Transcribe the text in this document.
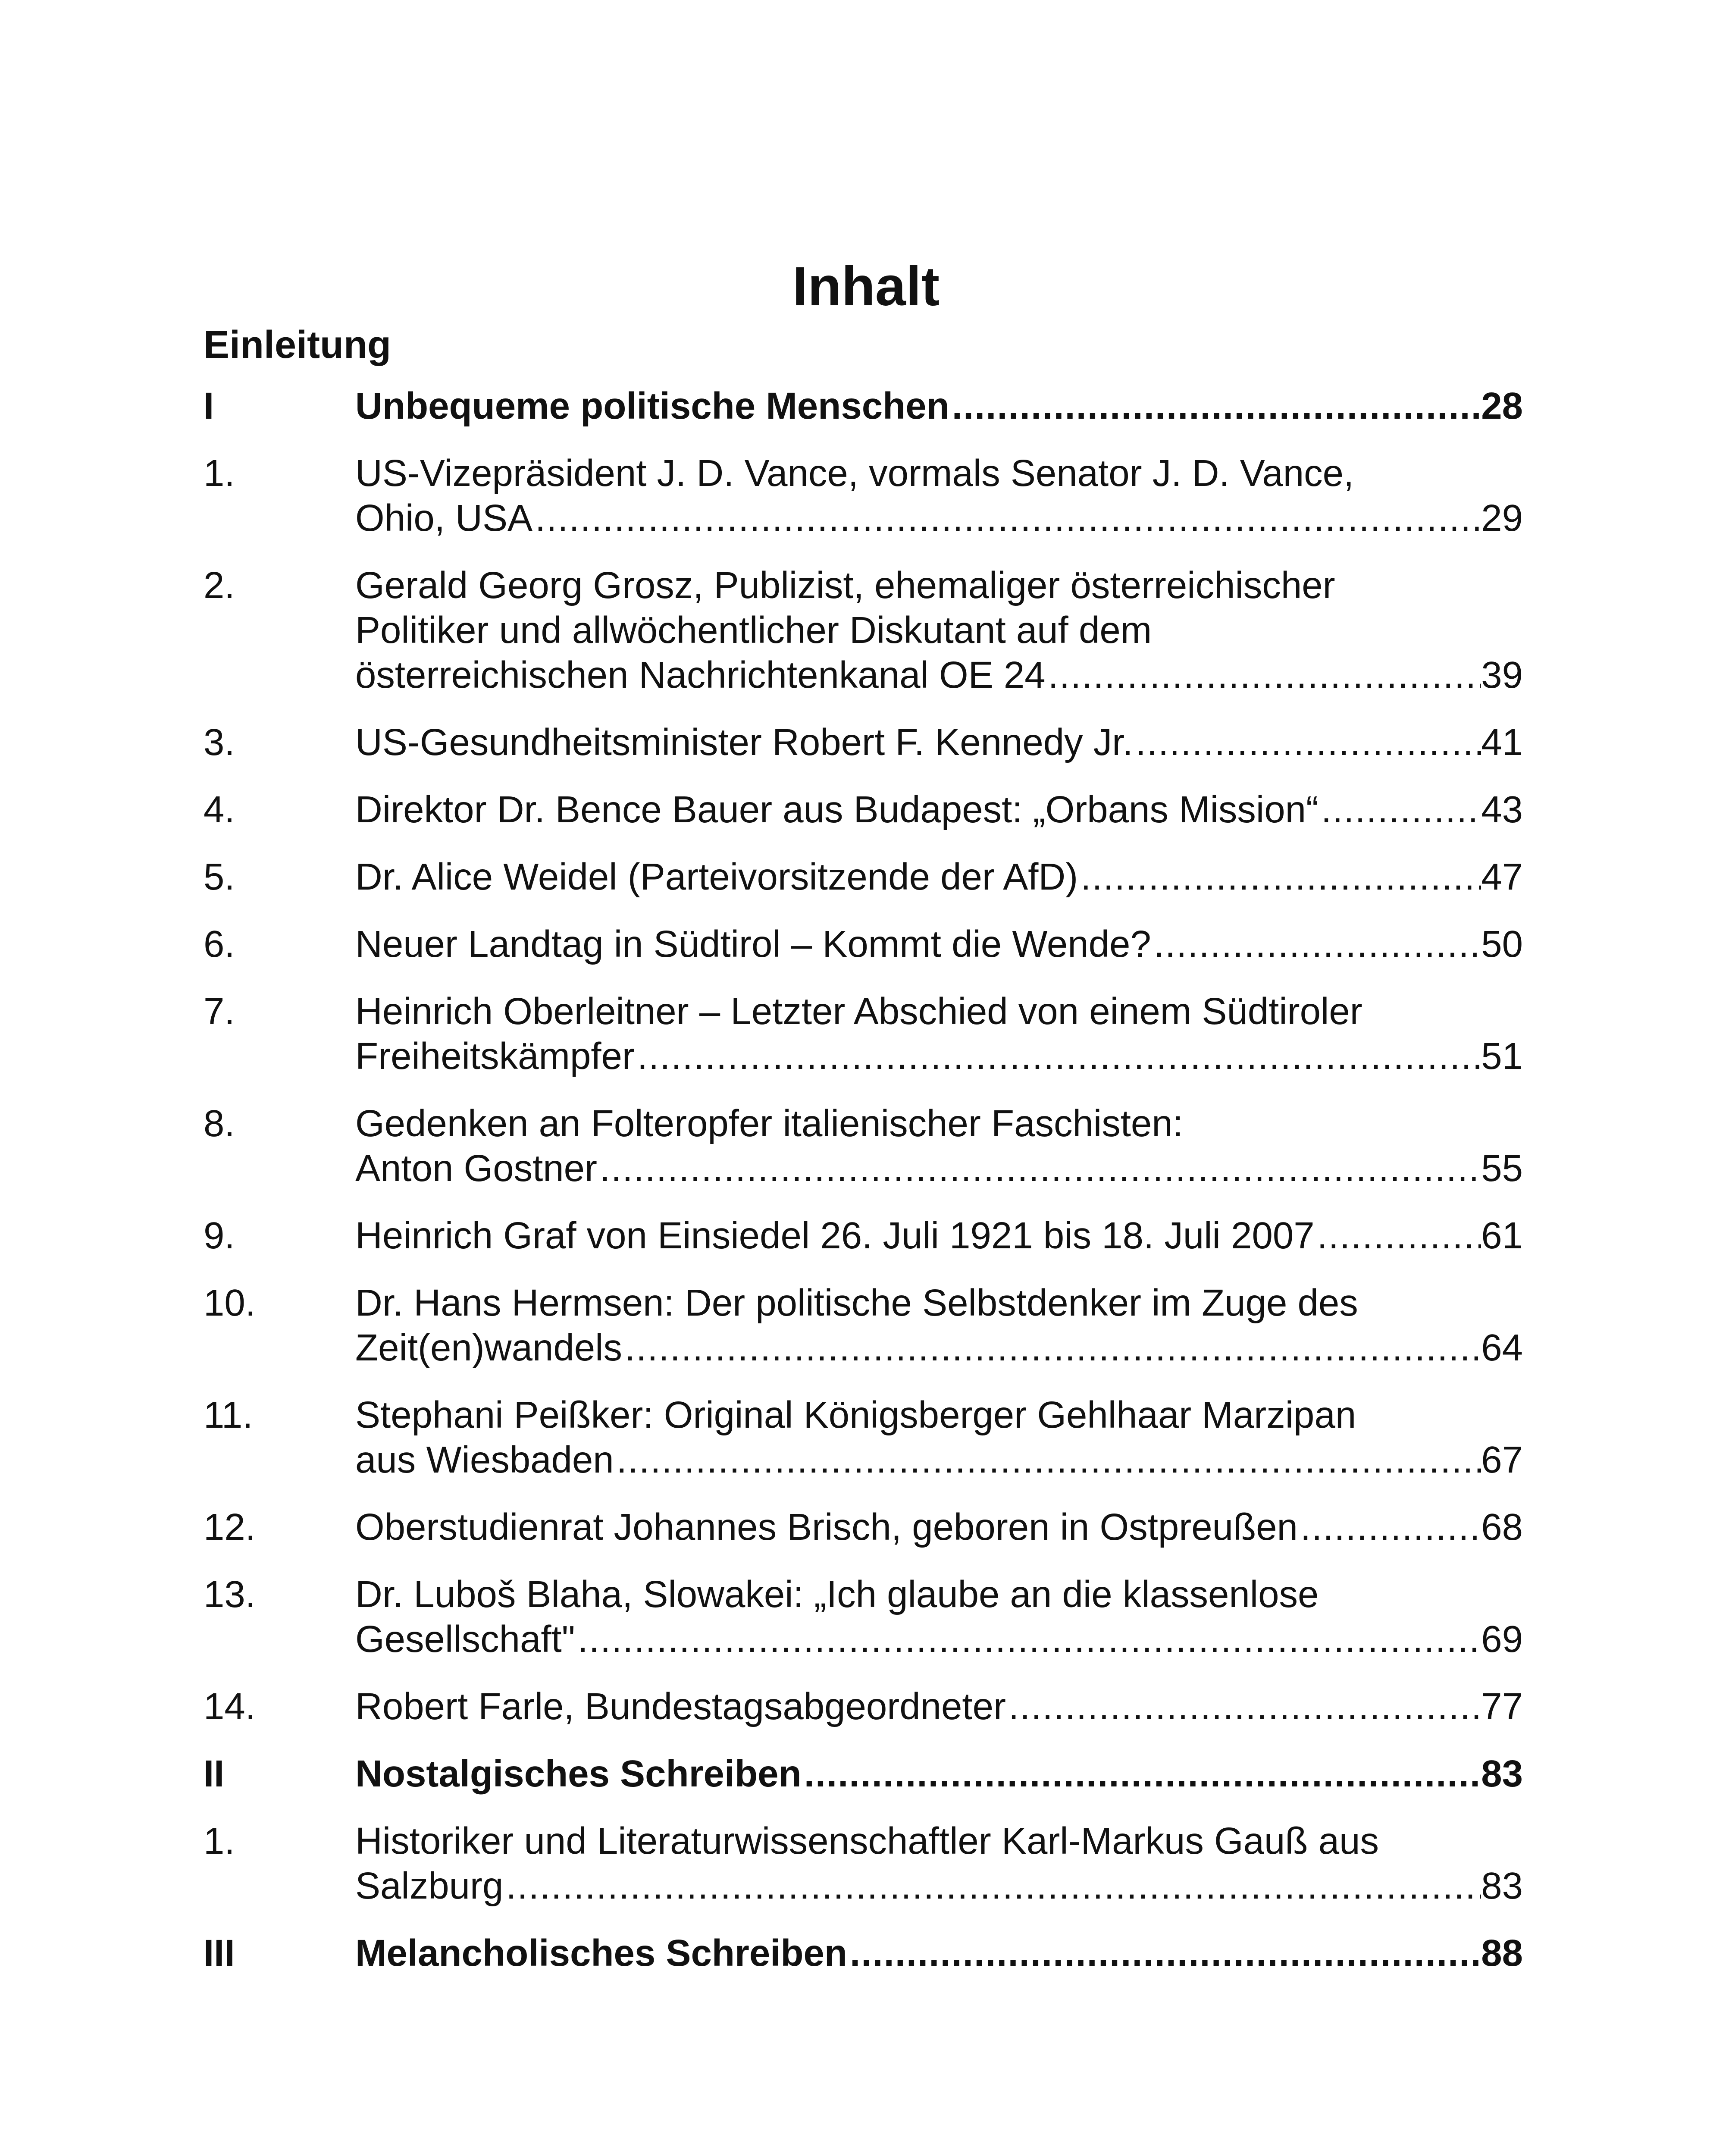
Inhalt
Einleitung
I	Unbequeme politische Menschen .....	28
1.	US-Vizepräsident J. D. Vance, vormals Senator J. D. Vance,
Ohio, USA .....	29
2.	Gerald Georg Grosz, Publizist, ehemaliger österreichischer
Politiker und allwöchentlicher Diskutant auf dem
österreichischen Nachrichtenkanal OE 24 .....	39
3.	US-Gesundheitsminister Robert F. Kennedy Jr. .....	41
4.	Direktor Dr. Bence Bauer aus Budapest: „Orbans Mission“ .....	43
5.	Dr. Alice Weidel (Parteivorsitzende der AfD) .....	47
6.	Neuer Landtag in Südtirol – Kommt die Wende? .....	50
7.	Heinrich Oberleitner – Letzter Abschied von einem Südtiroler
Freiheitskämpfer .....	51
8.	Gedenken an Folteropfer italienischer Faschisten:
Anton Gostner .....	55
9.	Heinrich Graf von Einsiedel 26. Juli 1921 bis 18. Juli 2007 .....	61
10.	Dr. Hans Hermsen: Der politische Selbstdenker im Zuge des
Zeit(en)wandels .....	64
11.	Stephani Peißker: Original Königsberger Gehlhaar Marzipan
aus Wiesbaden .....	67
12.	Oberstudienrat Johannes Brisch, geboren in Ostpreußen .....	68
13.	Dr. Luboš Blaha, Slowakei: „Ich glaube an die klassenlose
Gesellschaft" .....	69
14.	Robert Farle, Bundestagsabgeordneter .....	77
II	Nostalgisches Schreiben .....	83
1.	Historiker und Literaturwissenschaftler Karl-Markus Gauß aus
Salzburg .....	83
III	Melancholisches Schreiben .....	88
